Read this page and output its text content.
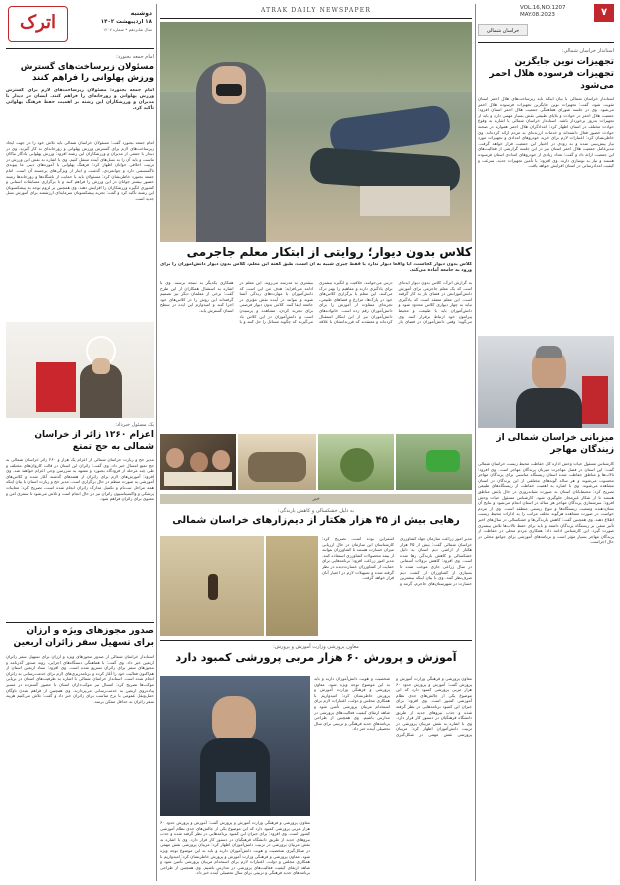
اترک	دوشنبه
۱۸ اردیبهشت ۱۴۰۲
سال شانزدهم • شماره ۱۲۰۷
امام جمعه بجنورد:
مسئولان زیرساخت‌های گسترش ورزش پهلوانی را فراهم کنند
امام جمعه بجنورد: مسئولان زیرساخت‌های لازم برای گسترش ورزش پهلوانی و زورخانه‌ای را فراهم کنند. ایشان در دیدار با مدیران و ورزشکاران این رشته بر اهمیت حفظ فرهنگ پهلوانی تأکید کرد.
امام جمعه بجنورد گفت: مسئولان خراسان شمالی باید تلاش خود را در جهت ایجاد زیرساخت‌های لازم برای گسترش ورزش پهلوانی و زورخانه‌ای به کار گیرند. وی در دیدار با جمعی از مدیران و ورزشکاران این رشته افزود: ورزش پهلوانی یادگار نیاکان ماست و باید آن را به نسل‌های آینده منتقل کنیم. وی با اشاره به نقش این ورزش در تربیت اخلاقی جوانان اظهار کرد: فرهنگ پهلوانی با آموزه‌های دینی ما پیوندی ناگسستنی دارد و جوانمردی، گذشت و ایثار از ویژگی‌های برجسته آن است. امام جمعه بجنورد خاطرنشان کرد: مسئولان باید با حمایت از باشگاه‌ها و زورخانه‌ها زمینه حضور بیشتر جوانان در این ورزش را فراهم کنند و با برگزاری مسابقات استانی و کشوری انگیزه ورزشکاران را افزایش دهند. وی همچنین بر لزوم توجه به پیشکسوتان این رشته تأکید کرد و گفت: تجربه پیشکسوتان سرمایه‌ای ارزشمند برای آموزش نسل جدید است.
یک مسئول خبرداد:
اعزام ۱۲۶۰ زائر از خراسان شمالی به حج تمتع
مدیر حج و زیارت خراسان شمالی از اعزام یک هزار و ۲۶۰ زائر خراسان شمالی به حج تمتع امسال خبر داد. وی گفت: زائران این استان در قالب کاروان‌های مختلف و طی چند مرحله از فرودگاه بجنورد و مشهد به سرزمین وحی اعزام خواهند شد. وی افزود: آموزش‌های لازم برای زائران از هفته‌های گذشته آغاز شده و کلاس‌های آموزشی به صورت منظم در حال برگزاری است. مدیر حج و زیارت استان با بیان اینکه همه مراحل ثبت‌نام و تکمیل مدارک زائران انجام شده است، تصریح کرد: معاینات پزشکی و واکسیناسیون زائران نیز در حال انجام است و تلاش می‌شود تا سفری امن و معنوی برای زائران فراهم شود.
صدور مجوزهای ویژه و ارزان برای تسهیل سفر زائران اربعین
استاندار خراسان شمالی از صدور مجوزهای ویژه و ارزان برای تسهیل سفر زائران اربعین خبر داد. وی گفت: با هماهنگی دستگاه‌های اجرایی، روند صدور گذرنامه و مجوزهای سفر برای زائران تسریع شده است. وی افزود: ستاد اربعین استان از هم‌اکنون فعالیت خود را آغاز کرده و برنامه‌ریزی‌های لازم برای خدمت‌رسانی به زائران انجام شده است. استاندار خراسان شمالی با اشاره به ظرفیت‌های استان در برپایی موکب‌ها تصریح کرد: امسال نیز موکب‌داران استان با حضور گسترده در مسیر پیاده‌روی اربعین به خدمت‌رسانی می‌پردازند. وی همچنین از فراهم شدن ناوگان حمل‌ونقل عمومی با نرخ مناسب برای زائران خبر داد و گفت: تلاش می‌کنیم هزینه سفر زائران به حداقل ممکن برسد.
ATRAK DAILY NEWSPAPER
کلاس بدون دیوار؛ روایتی از ابتکار معلم جاجرمی
کلاس بدون دیوار کجاست، آیا واقعاً دیوار ندارد یا فقط چیزی شبیه به آن است، طبق گفته این معلم، کلاس بدون دیوار دانش‌آموزان را برای ورود به جامعه آماده می‌کند.
به گزارش اترک، کلاس بدون دیوار ایده‌ای است که یک معلم جاجرمی برای آموزش دانش‌آموزانش در فضای باز به کار گرفته است. این معلم معتقد است که یادگیری نباید به چهار دیواری کلاس محدود شود و دانش‌آموزان باید با طبیعت و محیط پیرامون خود ارتباط برقرار کنند. وی می‌گوید: وقتی دانش‌آموزان در فضای باز درس می‌خوانند، خلاقیت و انگیزه بیشتری برای یادگیری دارند و مفاهیم را بهتر درک می‌کنند. این معلم با برگزاری کلاس‌های خود در پارک‌ها، مزارع و فضاهای طبیعی، تجربه‌ای متفاوت از آموزش را برای دانش‌آموزان رقم زده است. خانواده‌های دانش‌آموزان نیز از این ابتکار استقبال کرده‌اند و معتقدند که فرزندانشان با علاقه بیشتری به مدرسه می‌روند. این معلم در ادامه می‌افزاید: هدف من این است که دانش‌آموزان با مهارت‌های زندگی آشنا شوند و بتوانند در آینده نقش مؤثری در جامعه ایفا کنند. کلاس بدون دیوار فرصتی برای تجربه کردن، مشاهده و پرسیدن است و دانش‌آموزان در این کلاس یاد می‌گیرند که چگونه مسائل را حل کنند و با همکاری یکدیگر به نتیجه برسند. وی با اشاره به استقبال همکاران از این طرح گفت: برخی از معلمان دیگر نیز تصمیم گرفته‌اند این روش را در کلاس‌های خود اجرا کنند و امیدوارم این ایده در سطح استان گسترش یابد.
خبر
به دلیل خشکسالی و کاهش بارندگی:
رهایی بیش از ۴۵ هزار هکتار از دیم‌زارهای خراسان شمالی
مدیر امور زراعت سازمان جهاد کشاورزی خراسان شمالی گفت: بیش از ۴۵ هزار هکتار از اراضی دیم استان به دلیل خشکسالی و کاهش بارندگی رها شده است. وی افزود: کاهش نزولات آسمانی در سال زراعی جاری موجب شده تا بسیاری از کشاورزان از کشت دیم صرف‌نظر کنند. وی با بیان اینکه بیشترین خسارت در شهرستان‌های جاجرم، گرمه و اسفراین بوده است، تصریح کرد: کارشناسان این سازمان در حال ارزیابی میزان خسارت هستند تا کشاورزان بتوانند از بیمه محصولات کشاورزی استفاده کنند. مدیر امور زراعت افزود: برنامه‌هایی برای حمایت از کشاورزان خسارت‌دیده در نظر گرفته شده و تسهیلات لازم در اختیار آنان قرار خواهد گرفت.
معاون پرورشی وزارت آموزش و پرورش:
آموزش و پرورش ۶۰ هزار مربی پرورشی کمبود دارد
معاون پرورشی و فرهنگی وزارت آموزش و پرورش گفت: آموزش و پرورش حدود ۶۰ هزار مربی پرورشی کمبود دارد که این موضوع یکی از چالش‌های جدی نظام آموزشی کشور است. وی افزود: برای جبران این کمبود برنامه‌هایی در نظر گرفته شده و جذب نیروهای جدید از طریق دانشگاه فرهنگیان در دستور کار قرار دارد. وی با اشاره به نقش مربیان پرورشی در تربیت دانش‌آموزان اظهار کرد: مربیان پرورشی نقش مهمی در شکل‌گیری شخصیت و هویت دانش‌آموزان دارند و باید به این موضوع توجه ویژه شود. معاون پرورشی و فرهنگی وزارت آموزش و پرورش خاطرنشان کرد: امیدواریم با همکاری مجلس و دولت، اعتبارات لازم برای استخدام مربیان پرورشی تأمین شود و شاهد ارتقای کیفیت فعالیت‌های پرورشی در مدارس باشیم. وی همچنین از طراحی برنامه‌های جدید فرهنگی و تربیتی برای سال تحصیلی آینده خبر داد.
معاون پرورشی و فرهنگی وزارت آموزش و پرورش گفت: آموزش و پرورش حدود ۶۰ هزار مربی پرورشی کمبود دارد که این موضوع یکی از چالش‌های جدی نظام آموزشی کشور است. وی افزود: برای جبران این کمبود برنامه‌هایی در نظر گرفته شده و جذب نیروهای جدید از طریق دانشگاه فرهنگیان در دستور کار قرار دارد. وی با اشاره به نقش مربیان پرورشی در تربیت دانش‌آموزان اظهار کرد: مربیان پرورشی نقش مهمی در شکل‌گیری شخصیت و هویت دانش‌آموزان دارند و باید به این موضوع توجه ویژه شود. معاون پرورشی و فرهنگی وزارت آموزش و پرورش خاطرنشان کرد: امیدواریم با همکاری مجلس و دولت، اعتبارات لازم برای استخدام مربیان پرورشی تأمین شود و شاهد ارتقای کیفیت فعالیت‌های پرورشی در مدارس باشیم. وی همچنین از طراحی برنامه‌های جدید فرهنگی و تربیتی برای سال تحصیلی آینده خبر داد.
۷
VOL.16,NO.1207
MAY.08.2023
خراسان شمالی
استاندار خراسان شمالی:
تجهیزات نوین جایگزین تجهیزات فرسوده هلال احمر می‌شود
استاندار خراسان شمالی با بیان اینکه باید زیرساخت‌های هلال احمر استان تقویت شود، گفت: تجهیزات نوین جایگزین تجهیزات فرسوده هلال احمر می‌شود. وی در جلسه شورای هماهنگی جمعیت هلال احمر استان افزود: جمعیت هلال احمر در حوادث و بلایای طبیعی نقش بسیار مهمی دارد و باید از تجهیزات به‌روز برخوردار باشد. استاندار خراسان شمالی با اشاره به وقوع حوادث مختلف در استان اظهار کرد: امدادگران هلال احمر همواره در صحنه حوادث حضور فعال داشته‌اند و خدمات ارزنده‌ای به مردم ارائه کرده‌اند. وی خاطرنشان کرد: اعتبارات لازم برای خرید خودروهای امدادی و تجهیزات مورد نیاز پیش‌بینی شده و به زودی در اختیار این جمعیت قرار خواهد گرفت. مدیرعامل جمعیت هلال احمر استان نیز در این جلسه گزارشی از فعالیت‌های این جمعیت ارائه داد و گفت: تعداد زیادی از خودروهای امدادی استان فرسوده هستند و نیاز به نوسازی دارند. وی افزود: با تأمین تجهیزات جدید، سرعت و کیفیت امدادرسانی در استان افزایش خواهد یافت.
میزبانی خراسان شمالی از زیندگان مهاجر
کارشناس مسئول حیات وحش اداره کل حفاظت محیط زیست خراسان شمالی گفت: این استان در فصل مهاجرت میزبان پرندگان مهاجر است. وی افزود: تالاب‌ها و مناطق حفاظت شده استان زیستگاه مناسبی برای پرندگان مهاجر محسوب می‌شوند و هر ساله گونه‌های مختلفی از این پرندگان در استان مشاهده می‌شوند. وی با اشاره به اهمیت حفاظت از زیستگاه‌های طبیعی تصریح کرد: محیط‌بانان استان به صورت شبانه‌روزی در حال پایش مناطق هستند تا از شکار غیرمجاز جلوگیری شود. کارشناس مسئول حیات وحش افزود: سرشماری پرندگان مهاجر هر ساله در استان انجام می‌شود و نتایج آن نشان‌دهنده وضعیت زیستگاه‌ها و تنوع زیستی منطقه است. وی از مردم خواست در صورت مشاهده هرگونه تخلف مراتب را به ادارات محیط زیست اطلاع دهند. وی همچنین گفت: کاهش بارندگی‌ها و خشکسالی در سال‌های اخیر تأثیر منفی بر زیستگاه پرندگان داشته و باید برای حفظ تالاب‌ها تلاش بیشتری صورت گیرد. این کارشناس ادامه داد: همکاری مردم محلی در حفاظت از پرندگان مهاجر بسیار مؤثر است و برنامه‌های آموزشی برای جوامع محلی در حال اجراست.
